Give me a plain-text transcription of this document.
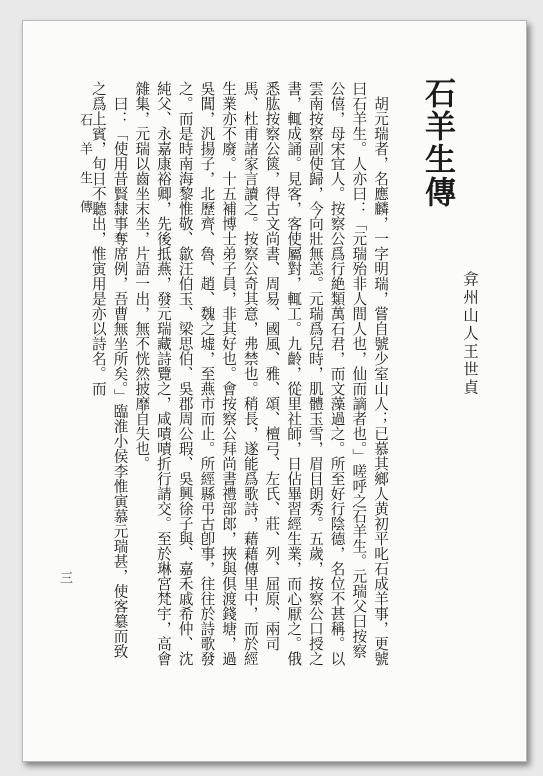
石羊生傳
弇州山人王世貞

胡元瑞者，名應麟，一字明瑞，嘗自號少室山人；已慕其鄉人黄初平叱石成羊事，更號曰石羊生。人亦曰：「元瑞殆非人間人也，仙而謫者也。」嗟呼之石羊生。元瑞父曰按察公僖，母宋宜人。按察公爲行絶類萬石君，而文藻過之。所至好行陰德，名位不甚稱。以雲南按察副使歸，今向壯無恙。元瑞爲兒時，肌體玉雪，眉目朗秀。五歲，按察公口授之書，輒成誦。見客，客使屬對，輒工。九齡，從里社師，日佔畢習經生業，而心厭之。俄悉肱按察公篋，得古文尚書、周易、國風、雅、頌、檀弓、左氏、莊、列、屈原、兩司馬、杜甫諸家言讀之。按察公奇其意，弗禁也。稍長，遂能爲歌詩，藉藉傳里中，而於經生業亦不廢。十五補博士弟子員，非其好也。會按察公拜尚書禮部郎，挾與俱渡錢塘，過吳閶，汎揚子，北歷齊、魯、趙、魏之墟，至燕市而止。所經縣弔古卽事，往往於詩歌發之。而是時南海黎惟敬、歙汪伯玉、梁思伯、吳郡周公瑕、吳興徐子與、嘉禾戚希仲、沈純父、永嘉康裕卿，先後抵燕，發元瑞藏詩覽之，咸嘖嘖折行請交。至於琳宮梵宇，高會雜集，元瑞以齒坐末坐，片語一出，無不恍然披靡自失也。

曰：「使用昔賢隸事奪席例，吾曹無坐所矣。」臨淮小侯李惟寅慕元瑞甚，使客簒而致之爲上賓，旬日不聽出，惟寅用是亦以詩名。而

石羊生傳
三
